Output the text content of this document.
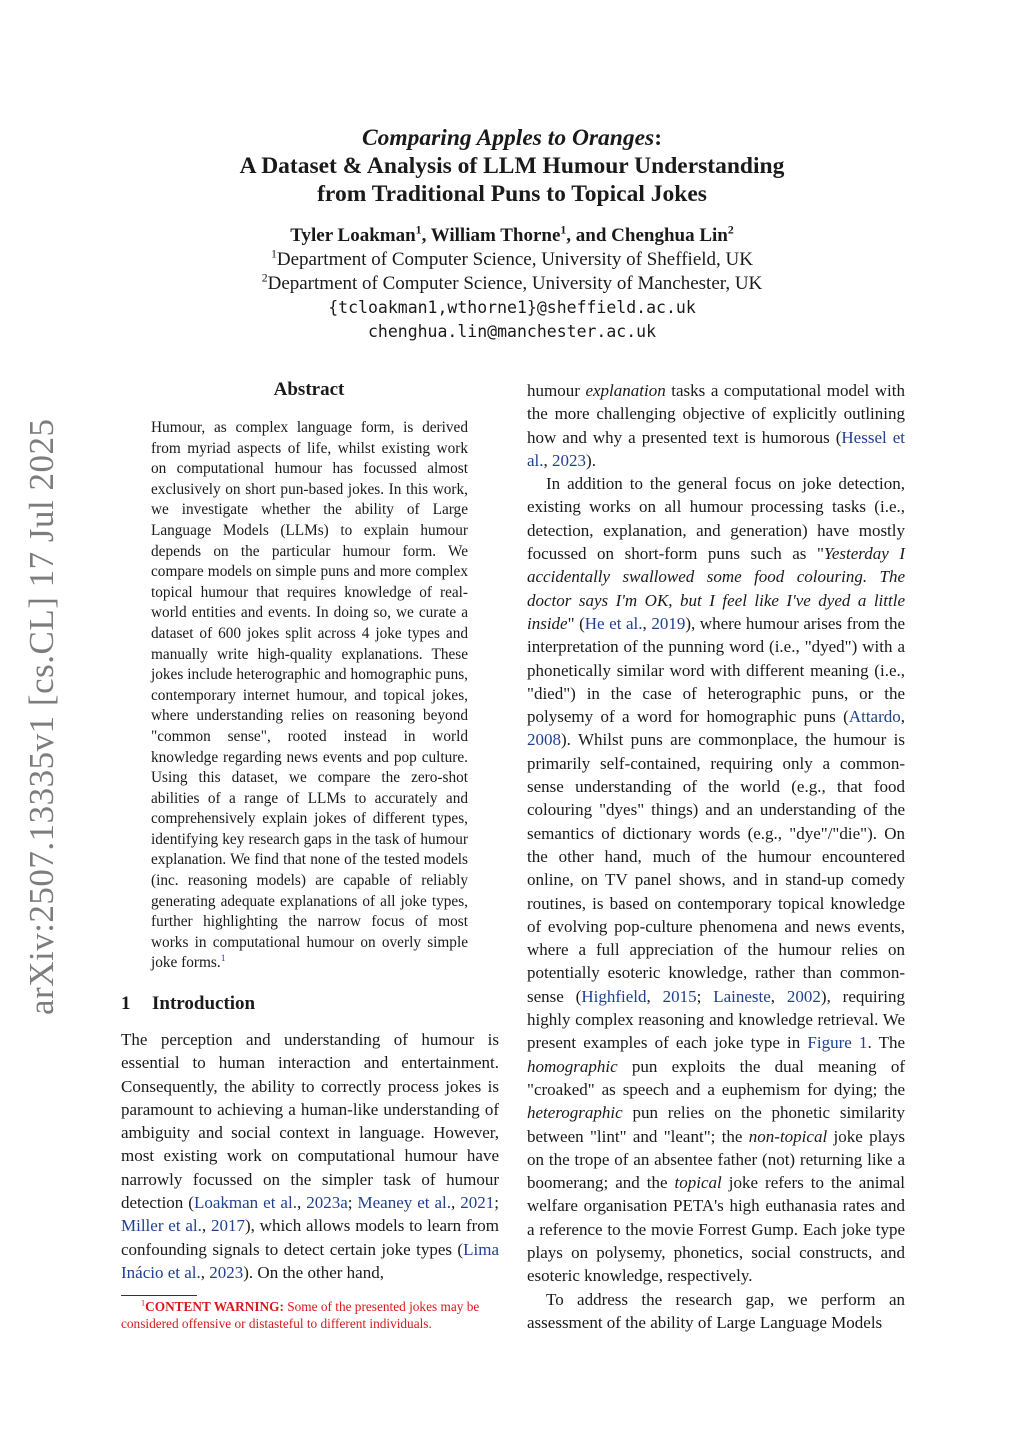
arXiv:2507.13335v1 [cs.CL] 17 Jul 2025
Comparing Apples to Oranges:
A Dataset & Analysis of LLM Humour Understanding
from Traditional Puns to Topical Jokes
Tyler Loakman$^1$, William Thorne$^1$, and Chenghua Lin$^2$
$^1$Department of Computer Science, University of Sheffield, UK
$^2$Department of Computer Science, University of Manchester, UK
{tcloakman1,wthorne1}@sheffield.ac.uk
chenghua.lin@manchester.ac.uk
Abstract
Humour, as complex language form, is derived from myriad aspects of life, whilst existing work on computational humour has focussed almost exclusively on short pun-based jokes. In this work, we investigate whether the ability of Large Language Models (LLMs) to explain humour depends on the particular humour form. We compare models on simple puns and more complex topical humour that requires knowledge of real-world entities and events. In doing so, we curate a dataset of 600 jokes split across 4 joke types and manually write high-quality explanations. These jokes include heterographic and homographic puns, contemporary internet humour, and topical jokes, where understanding relies on reasoning beyond "common sense", rooted instead in world knowledge regarding news events and pop culture. Using this dataset, we compare the zero-shot abilities of a range of LLMs to accurately and comprehensively explain jokes of different types, identifying key research gaps in the task of humour explanation. We find that none of the tested models (inc. reasoning models) are capable of reliably generating adequate explanations of all joke types, further highlighting the narrow focus of most works in computational humour on overly simple joke forms.$^1$
1 Introduction

The perception and understanding of humour is essential to human interaction and entertainment. Consequently, the ability to correctly process jokes is paramount to achieving a human-like understanding of ambiguity and social context in language. However, most existing work on computational humour have narrowly focussed on the simpler task of humour detection (Loakman et al., 2023a; Meaney et al., 2021; Miller et al., 2017), which allows models to learn from confounding signals to detect certain joke types (Lima Inácio et al., 2023). On the other hand,

$^1$CONTENT WARNING: Some of the presented jokes may be considered offensive or distasteful to different individuals.

humour explanation tasks a computational model with the more challenging objective of explicitly outlining how and why a presented text is humorous (Hessel et al., 2023).

In addition to the general focus on joke detection, existing works on all humour processing tasks (i.e., detection, explanation, and generation) have mostly focussed on short-form puns such as "Yesterday I accidentally swallowed some food colouring. The doctor says I'm OK, but I feel like I've dyed a little inside" (He et al., 2019), where humour arises from the interpretation of the punning word (i.e., "dyed") with a phonetically similar word with different meaning (i.e., "died") in the case of heterographic puns, or the polysemy of a word for homographic puns (Attardo, 2008). Whilst puns are commonplace, the humour is primarily self-contained, requiring only a common-sense understanding of the world (e.g., that food colouring "dyes" things) and an understanding of the semantics of dictionary words (e.g., "dye"/"die"). On the other hand, much of the humour encountered online, on TV panel shows, and in stand-up comedy routines, is based on contemporary topical knowledge of evolving pop-culture phenomena and news events, where a full appreciation of the humour relies on potentially esoteric knowledge, rather than common-sense (Highfield, 2015; Laineste, 2002), requiring highly complex reasoning and knowledge retrieval. We present examples of each joke type in Figure 1. The homographic pun exploits the dual meaning of "croaked" as speech and a euphemism for dying; the heterographic pun relies on the phonetic similarity between "lint" and "leant"; the non-topical joke plays on the trope of an absentee father (not) returning like a boomerang; and the topical joke refers to the animal welfare organisation PETA's high euthanasia rates and a reference to the movie Forrest Gump. Each joke type plays on polysemy, phonetics, social constructs, and esoteric knowledge, respectively.

To address the research gap, we perform an assessment of the ability of Large Language Models
